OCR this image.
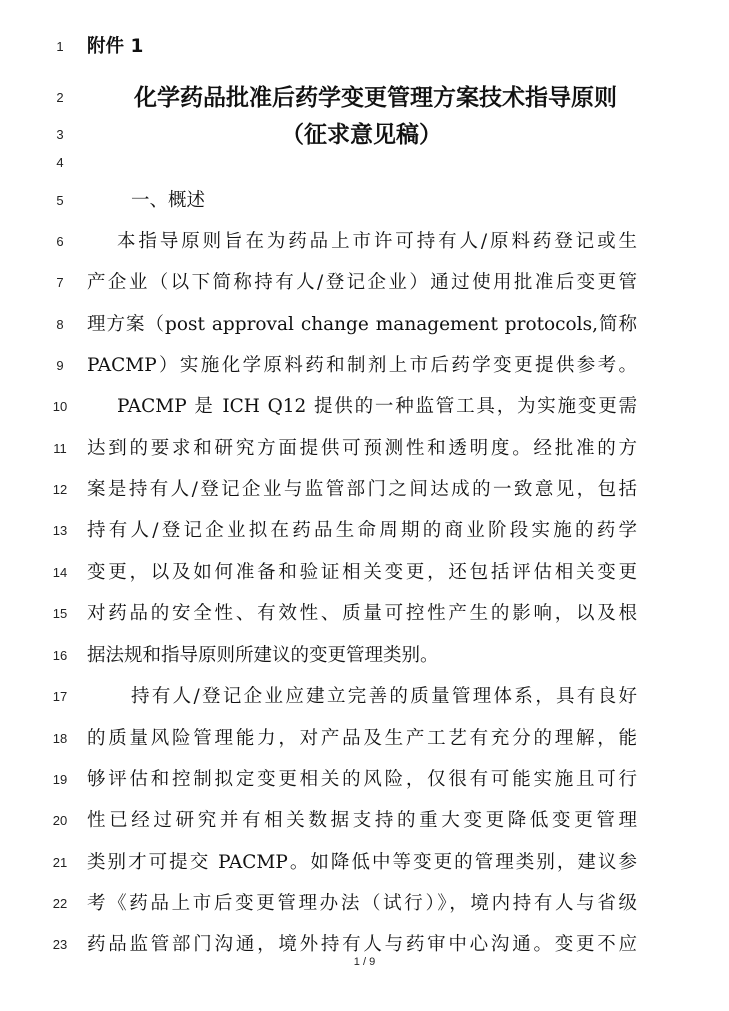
1	附件 1
2	化学药品批准后药学变更管理方案技术指导原则
3	（征求意见稿）
4
5	一、概述
6	本指导原则旨在为药品上市许可持有人/原料药登记或生
7	产企业（以下简称持有人/登记企业）通过使用批准后变更管
8	理方案（post approval change management protocols,简称
9	PACMP）实施化学原料药和制剂上市后药学变更提供参考。
10	PACMP 是 ICH Q12 提供的一种监管工具，为实施变更需
11	达到的要求和研究方面提供可预测性和透明度。经批准的方
12	案是持有人/登记企业与监管部门之间达成的一致意见，包括
13	持有人/登记企业拟在药品生命周期的商业阶段实施的药学
14	变更，以及如何准备和验证相关变更，还包括评估相关变更
15	对药品的安全性、有效性、质量可控性产生的影响，以及根
16	据法规和指导原则所建议的变更管理类别。
17	持有人/登记企业应建立完善的质量管理体系，具有良好
18	的质量风险管理能力，对产品及生产工艺有充分的理解，能
19	够评估和控制拟定变更相关的风险，仅很有可能实施且可行
20	性已经过研究并有相关数据支持的重大变更降低变更管理
21	类别才可提交 PACMP。如降低中等变更的管理类别，建议参
22	考《药品上市后变更管理办法（试行）》，境内持有人与省级
23	药品监管部门沟通，境外持有人与药审中心沟通。变更不应
1 / 9
